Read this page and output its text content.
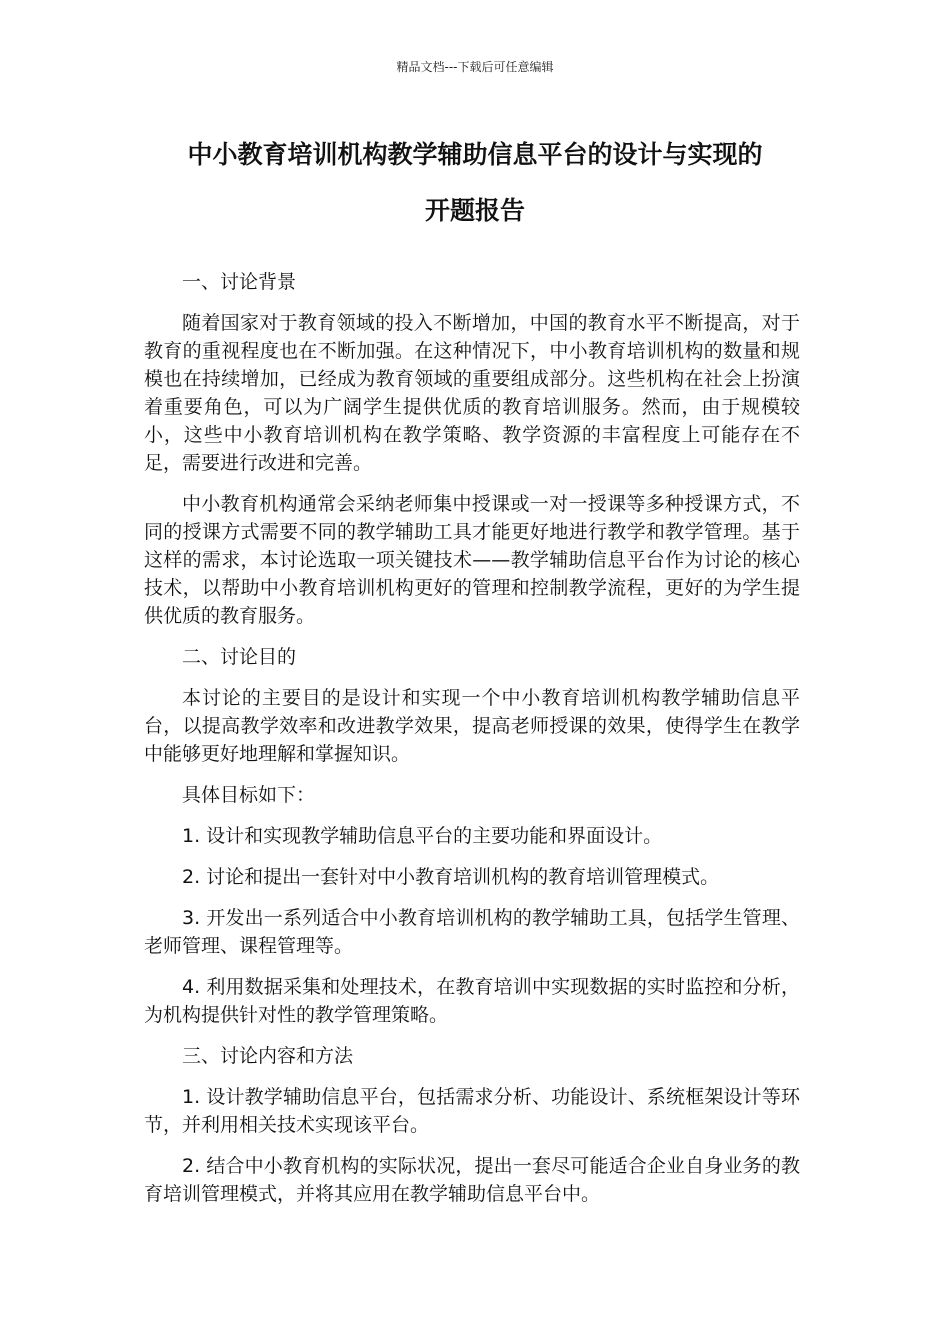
精品文档---下载后可任意编辑
中小教育培训机构教学辅助信息平台的设计与实现的
开题报告

一、讨论背景

随着国家对于教育领域的投入不断增加，中国的教育水平不断提高，对于教育的重视程度也在不断加强。在这种情况下，中小教育培训机构的数量和规模也在持续增加，已经成为教育领域的重要组成部分。这些机构在社会上扮演着重要角色，可以为广阔学生提供优质的教育培训服务。然而，由于规模较小，这些中小教育培训机构在教学策略、教学资源的丰富程度上可能存在不足，需要进行改进和完善。

中小教育机构通常会采纳老师集中授课或一对一授课等多种授课方式，不同的授课方式需要不同的教学辅助工具才能更好地进行教学和教学管理。基于这样的需求，本讨论选取一项关键技术——教学辅助信息平台作为讨论的核心技术，以帮助中小教育培训机构更好的管理和控制教学流程，更好的为学生提供优质的教育服务。

二、讨论目的

本讨论的主要目的是设计和实现一个中小教育培训机构教学辅助信息平台，以提高教学效率和改进教学效果，提高老师授课的效果，使得学生在教学中能够更好地理解和掌握知识。

具体目标如下：

1. 设计和实现教学辅助信息平台的主要功能和界面设计。

2. 讨论和提出一套针对中小教育培训机构的教育培训管理模式。

3. 开发出一系列适合中小教育培训机构的教学辅助工具，包括学生管理、老师管理、课程管理等。

4. 利用数据采集和处理技术，在教育培训中实现数据的实时监控和分析，为机构提供针对性的教学管理策略。

三、讨论内容和方法

1. 设计教学辅助信息平台，包括需求分析、功能设计、系统框架设计等环节，并利用相关技术实现该平台。

2. 结合中小教育机构的实际状况，提出一套尽可能适合企业自身业务的教育培训管理模式，并将其应用在教学辅助信息平台中。
